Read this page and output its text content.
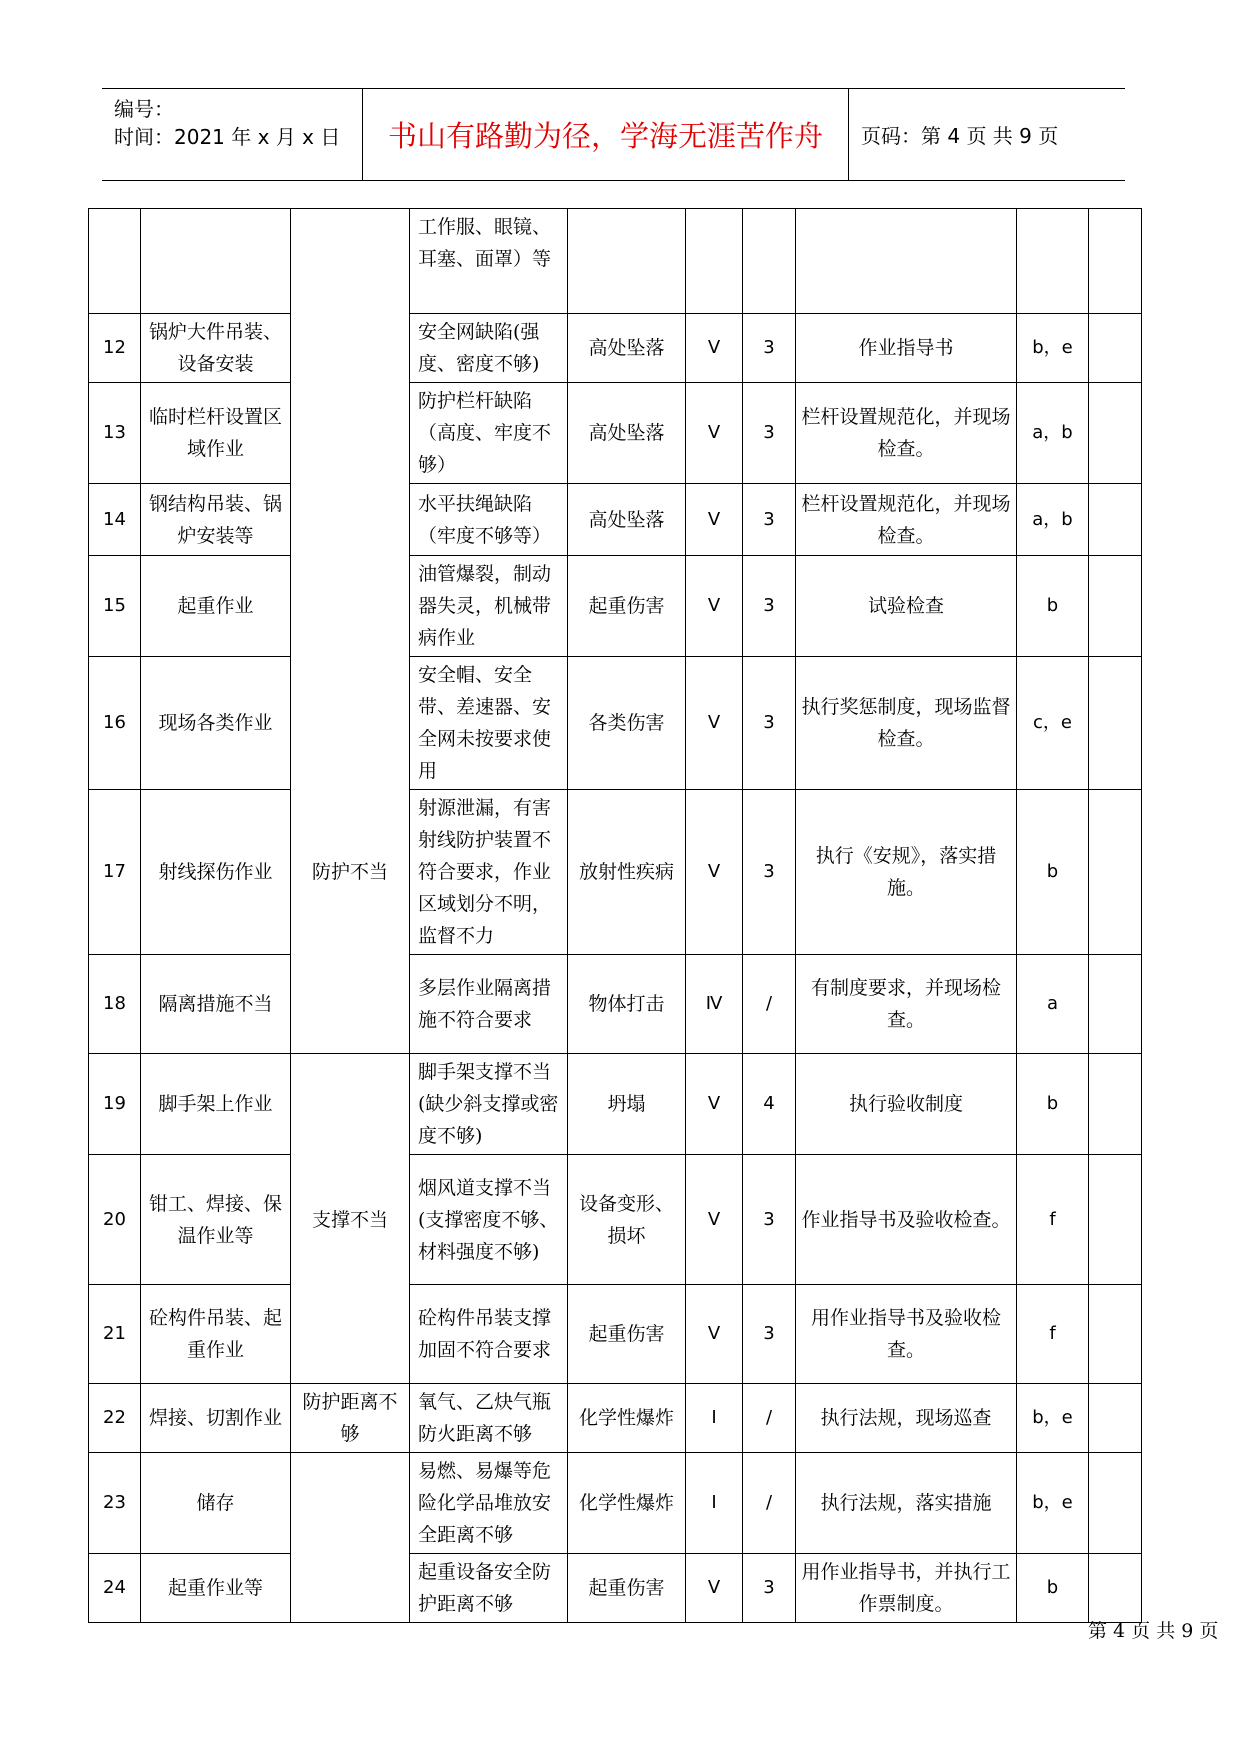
编号：
时间：2021 年 x 月 x 日	书山有路勤为径，学海无涯苦作舟	页码：第 4 页 共 9 页
			工作服、眼镜、耳塞、面罩）等						
12	锅炉大件吊装、设备安装		安全网缺陷(强度、密度不够)	高处坠落	V	3	作业指导书	b，e	
13	临时栏杆设置区域作业		防护栏杆缺陷（高度、牢度不够）	高处坠落	V	3	栏杆设置规范化，并现场检查。	a，b	
14	钢结构吊装、锅炉安装等		水平扶绳缺陷（牢度不够等）	高处坠落	V	3	栏杆设置规范化，并现场检查。	a，b	
15	起重作业		油管爆裂，制动器失灵，机械带病作业	起重伤害	V	3	试验检查	b	
16	现场各类作业		安全帽、安全带、差速器、安全网未按要求使用	各类伤害	V	3	执行奖惩制度，现场监督检查。	c，e	
17	射线探伤作业	防护不当	射源泄漏，有害射线防护装置不符合要求，作业区域划分不明，监督不力	放射性疾病	V	3	执行《安规》，落实措施。	b	
18	隔离措施不当		多层作业隔离措施不符合要求	物体打击	Ⅳ	/	有制度要求，并现场检查。	a	
19	脚手架上作业		脚手架支撑不当(缺少斜支撑或密度不够)	坍塌	V	4	执行验收制度	b	
20	钳工、焊接、保温作业等	支撑不当	烟风道支撑不当(支撑密度不够、材料强度不够)	设备变形、损坏	V	3	作业指导书及验收检查。	f	
21	砼构件吊装、起重作业		砼构件吊装支撑加固不符合要求	起重伤害	V	3	用作业指导书及验收检查。	f	
22	焊接、切割作业	防护距离不够	氧气、乙炔气瓶防火距离不够	化学性爆炸	I	/	执行法规，现场巡查	b，e	
23	储存		易燃、易爆等危险化学品堆放安全距离不够	化学性爆炸	I	/	执行法规，落实措施	b，e	
24	起重作业等		起重设备安全防护距离不够	起重伤害	V	3	用作业指导书，并执行工作票制度。	b	
第 4 页 共 9 页
